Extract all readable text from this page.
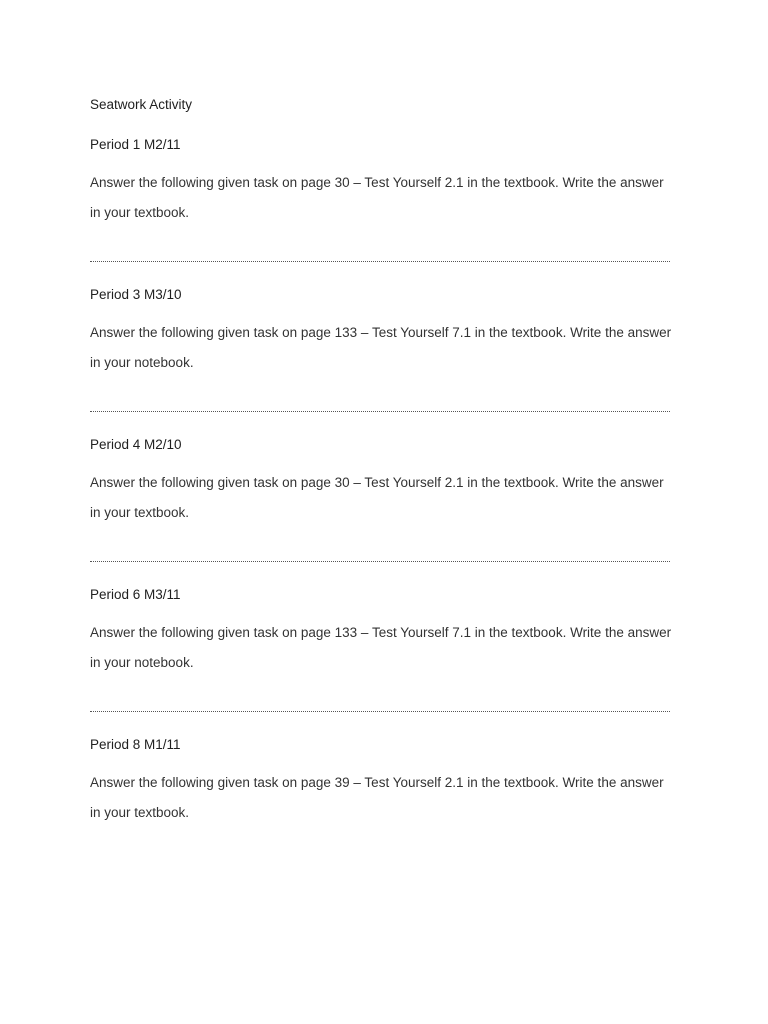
Seatwork Activity
Period 1 M2/11
Answer the following given task on page 30 – Test Yourself 2.1 in the textbook. Write the answer
in your textbook.
Period 3 M3/10
Answer the following given task on page 133 – Test Yourself 7.1 in the textbook. Write the answer
in your notebook.
Period 4 M2/10
Answer the following given task on page 30 – Test Yourself 2.1 in the textbook. Write the answer
in your textbook.
Period 6 M3/11
Answer the following given task on page 133 – Test Yourself 7.1 in the textbook. Write the answer
in your notebook.
Period 8 M1/11
Answer the following given task on page 39 – Test Yourself 2.1 in the textbook. Write the answer
in your textbook.
